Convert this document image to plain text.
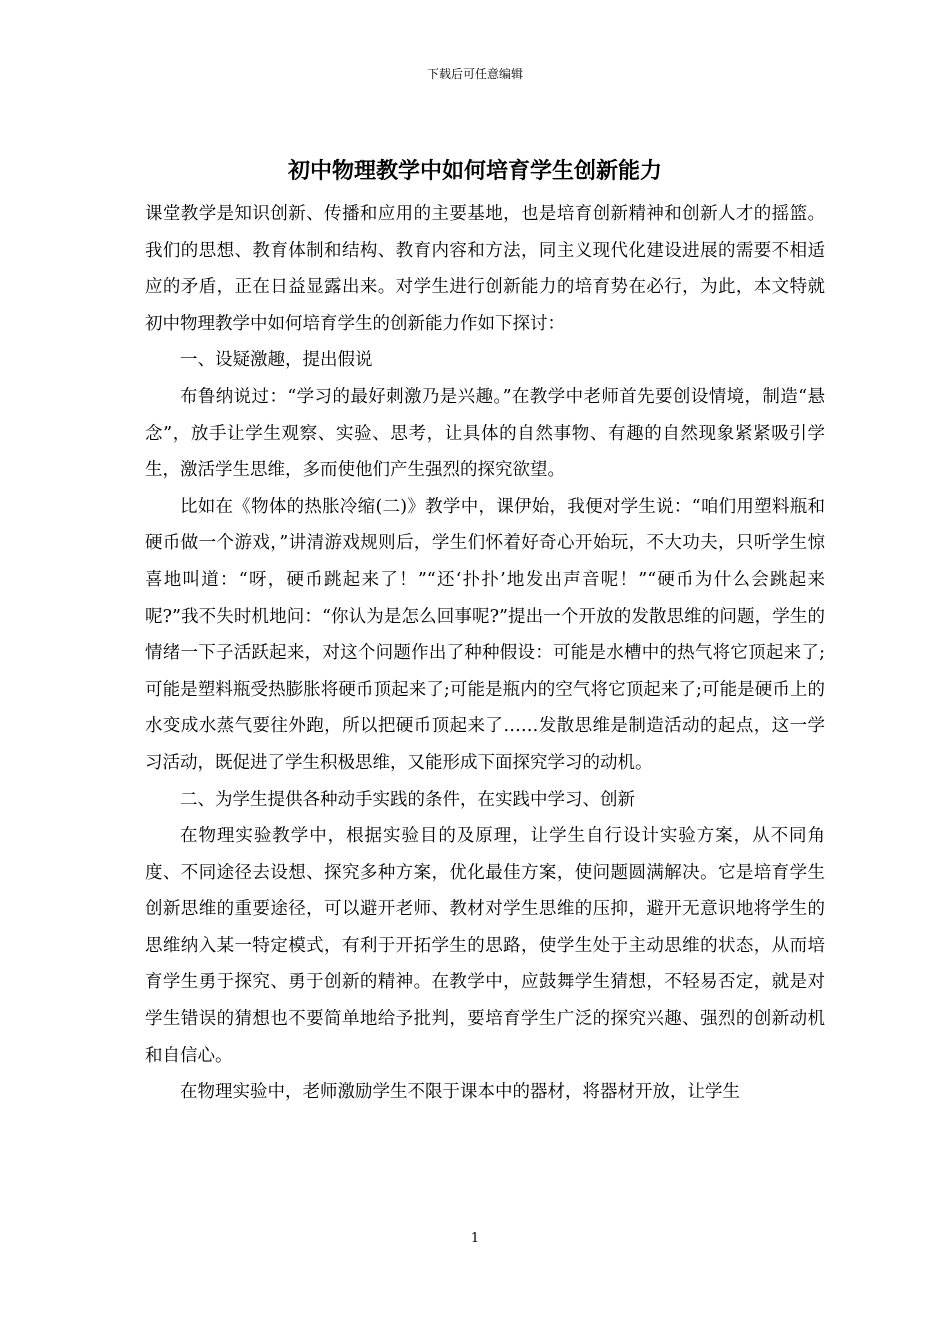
下载后可任意编辑
初中物理教学中如何培育学生创新能力

课堂教学是知识创新、传播和应用的主要基地，也是培育创新精神和创新人才的摇篮。我们的思想、教育体制和结构、教育内容和方法，同主义现代化建设进展的需要不相适应的矛盾，正在日益显露出来。对学生进行创新能力的培育势在必行，为此，本文特就初中物理教学中如何培育学生的创新能力作如下探讨：

一、设疑激趣，提出假说

布鲁纳说过：“学习的最好刺激乃是兴趣。”在教学中老师首先要创设情境，制造“悬念”，放手让学生观察、实验、思考，让具体的自然事物、有趣的自然现象紧紧吸引学生，激活学生思维，多而使他们产生强烈的探究欲望。

比如在《物体的热胀冷缩(二)》教学中，课伊始，我便对学生说：“咱们用塑料瓶和硬币做一个游戏，”讲清游戏规则后，学生们怀着好奇心开始玩，不大功夫，只听学生惊喜地叫道：“呀，硬币跳起来了！”“还‘扑扑’地发出声音呢！”“硬币为什么会跳起来呢?”我不失时机地问：“你认为是怎么回事呢?”提出一个开放的发散思维的问题，学生的情绪一下子活跃起来，对这个问题作出了种种假设：可能是水槽中的热气将它顶起来了;可能是塑料瓶受热膨胀将硬币顶起来了;可能是瓶内的空气将它顶起来了;可能是硬币上的水变成水蒸气要往外跑，所以把硬币顶起来了……发散思维是制造活动的起点，这一学习活动，既促进了学生积极思维，又能形成下面探究学习的动机。

二、为学生提供各种动手实践的条件，在实践中学习、创新

在物理实验教学中，根据实验目的及原理，让学生自行设计实验方案，从不同角度、不同途径去设想、探究多种方案，优化最佳方案，使问题圆满解决。它是培育学生创新思维的重要途径，可以避开老师、教材对学生思维的压抑，避开无意识地将学生的思维纳入某一特定模式，有利于开拓学生的思路，使学生处于主动思维的状态，从而培育学生勇于探究、勇于创新的精神。在教学中，应鼓舞学生猜想，不轻易否定，就是对学生错误的猜想也不要简单地给予批判，要培育学生广泛的探究兴趣、强烈的创新动机和自信心。

在物理实验中，老师激励学生不限于课本中的器材，将器材开放，让学生

1
